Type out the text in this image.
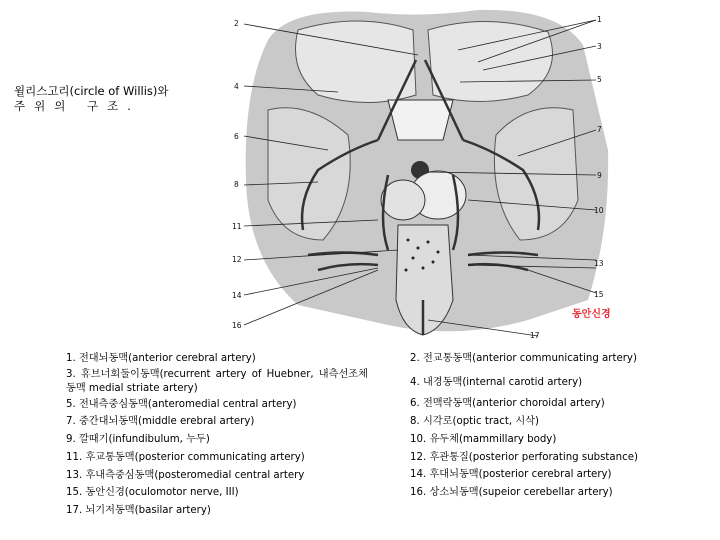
윌리스고리(circle of Willis)와
주위의 구조.
1
2
3
4
5
6
7
8
9
10
11
12	13
14	15
16
17
동안신경
1. 전대뇌동맥(anterior cerebral artery)
3. 휴브너회둘이동맥(recurrent artery of Huebner, 내측선조체동맥 medial striate artery)
5. 전내측중심동맥(anteromedial central artery)
7. 중간대뇌동맥(middle erebral artery)
9. 깔때기(infundibulum, 누두)
11. 후교통동맥(posterior communicating artery)
13. 후내측중심동맥(posteromedial central artery
15. 동안신경(oculomotor nerve, III)
17. 뇌기저동맥(basilar artery)
2. 전교통동맥(anterior communicating artery)
4. 내경동맥(internal carotid artery)
6. 전맥락동맥(anterior choroidal artery)
8. 시각로(optic tract, 시삭)
10. 유두체(mammillary body)
12. 후관통질(posterior perforating substance)
14. 후대뇌동맥(posterior cerebral artery)
16. 상소뇌동맥(supeior cerebellar artery)
